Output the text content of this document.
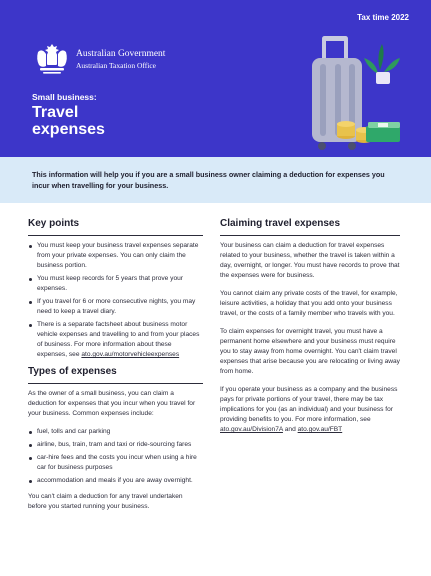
Tax time 2022
Australian Government
Australian Taxation Office
Small business:
Travel
expenses
This information will help you if you are a small business owner claiming a deduction for expenses you incur when travelling for your business.
Key points
You must keep your business travel expenses separate from your private expenses. You can only claim the business portion.
You must keep records for 5 years that prove your expenses.
If you travel for 6 or more consecutive nights, you may need to keep a travel diary.
There is a separate factsheet about business motor vehicle expenses and travelling to and from your places of business. For more information about these expenses, see ato.gov.au/motorvehicleexpenses
Types of expenses

As the owner of a small business, you can claim a deduction for expenses that you incur when you travel for your business. Common expenses include:

fuel, tolls and car parking
airline, bus, train, tram and taxi or ride-sourcing fares
car-hire fees and the costs you incur when using a hire car for business purposes
accommodation and meals if you are away overnight.

You can't claim a deduction for any travel undertaken before you started running your business.

Claiming travel expenses

Your business can claim a deduction for travel expenses related to your business, whether the travel is taken within a day, overnight, or longer. You must have records to prove that the expenses were for business.

You cannot claim any private costs of the travel, for example, leisure activities, a holiday that you add onto your business travel, or the costs of a family member who travels with you.

To claim expenses for overnight travel, you must have a permanent home elsewhere and your business must require you to stay away from home overnight. You can't claim travel expenses that arise because you are relocating or living away from home.

If you operate your business as a company and the business pays for private portions of your travel, there may be tax implications for you (as an individual) and your business for providing benefits to you. For more information, see ato.gov.au/Division7A and ato.gov.au/FBT
